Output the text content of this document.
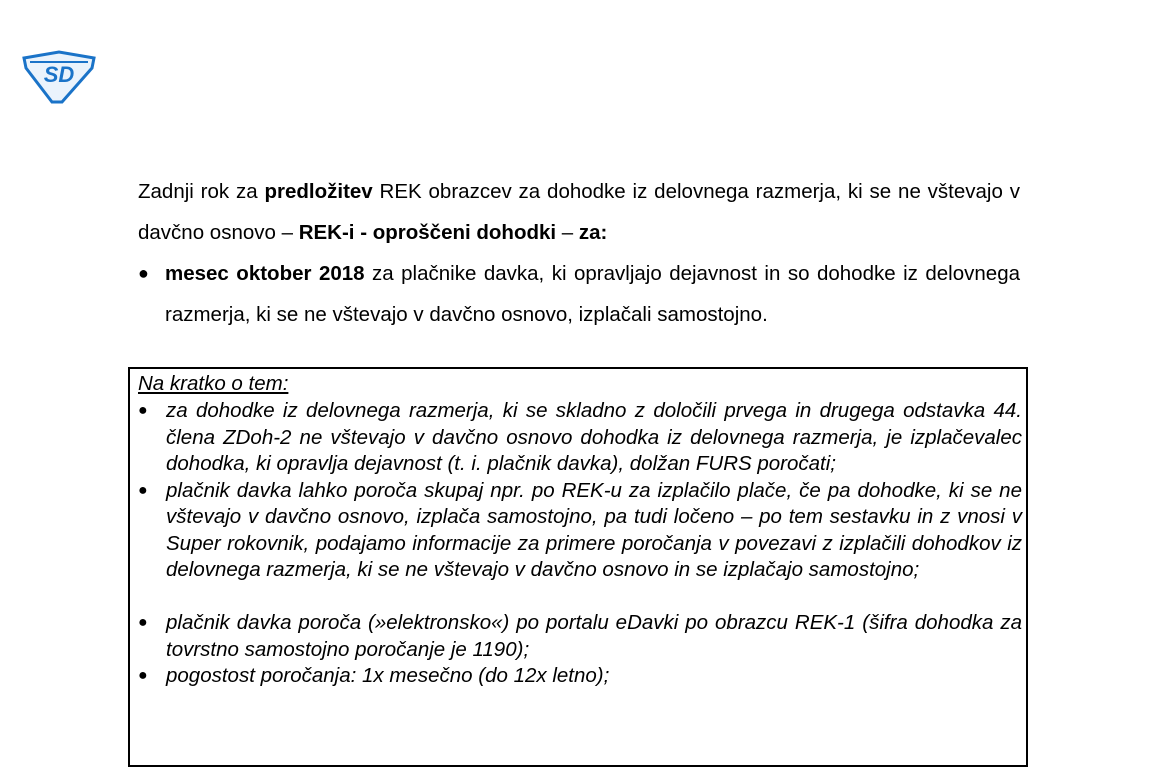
SD

Zadnji rok za predložitev REK obrazcev za dohodke iz delovnega razmerja, ki se ne vštevajo v davčno osnovo – REK-i - oproščeni dohodki – za:

● mesec oktober 2018 za plačnike davka, ki opravljajo dejavnost in so dohodke iz delovnega razmerja, ki se ne vštevajo v davčno osnovo, izplačali samostojno.
Na kratko o tem:
● za dohodke iz delovnega razmerja, ki se skladno z določili prvega in drugega odstavka 44. člena ZDoh-2 ne vštevajo v davčno osnovo dohodka iz delovnega razmerja, je izplačevalec dohodka, ki opravlja dejavnost (t. i. plačnik davka), dolžan FURS poročati;
● plačnik davka lahko poroča skupaj npr. po REK-u za izplačilo plače, če pa dohodke, ki se ne vštevajo v davčno osnovo, izplača samostojno, pa tudi ločeno – po tem sestavku in z vnosi v Super rokovnik, podajamo informacije za primere poročanja v povezavi z izplačili dohodkov iz delovnega razmerja, ki se ne vštevajo v davčno osnovo in se izplačajo samostojno;
● plačnik davka poroča (»elektronsko«) po portalu eDavki po obrazcu REK-1 (šifra dohodka za tovrstno samostojno poročanje je 1190);
● pogostost poročanja: 1x mesečno (do 12x letno);
